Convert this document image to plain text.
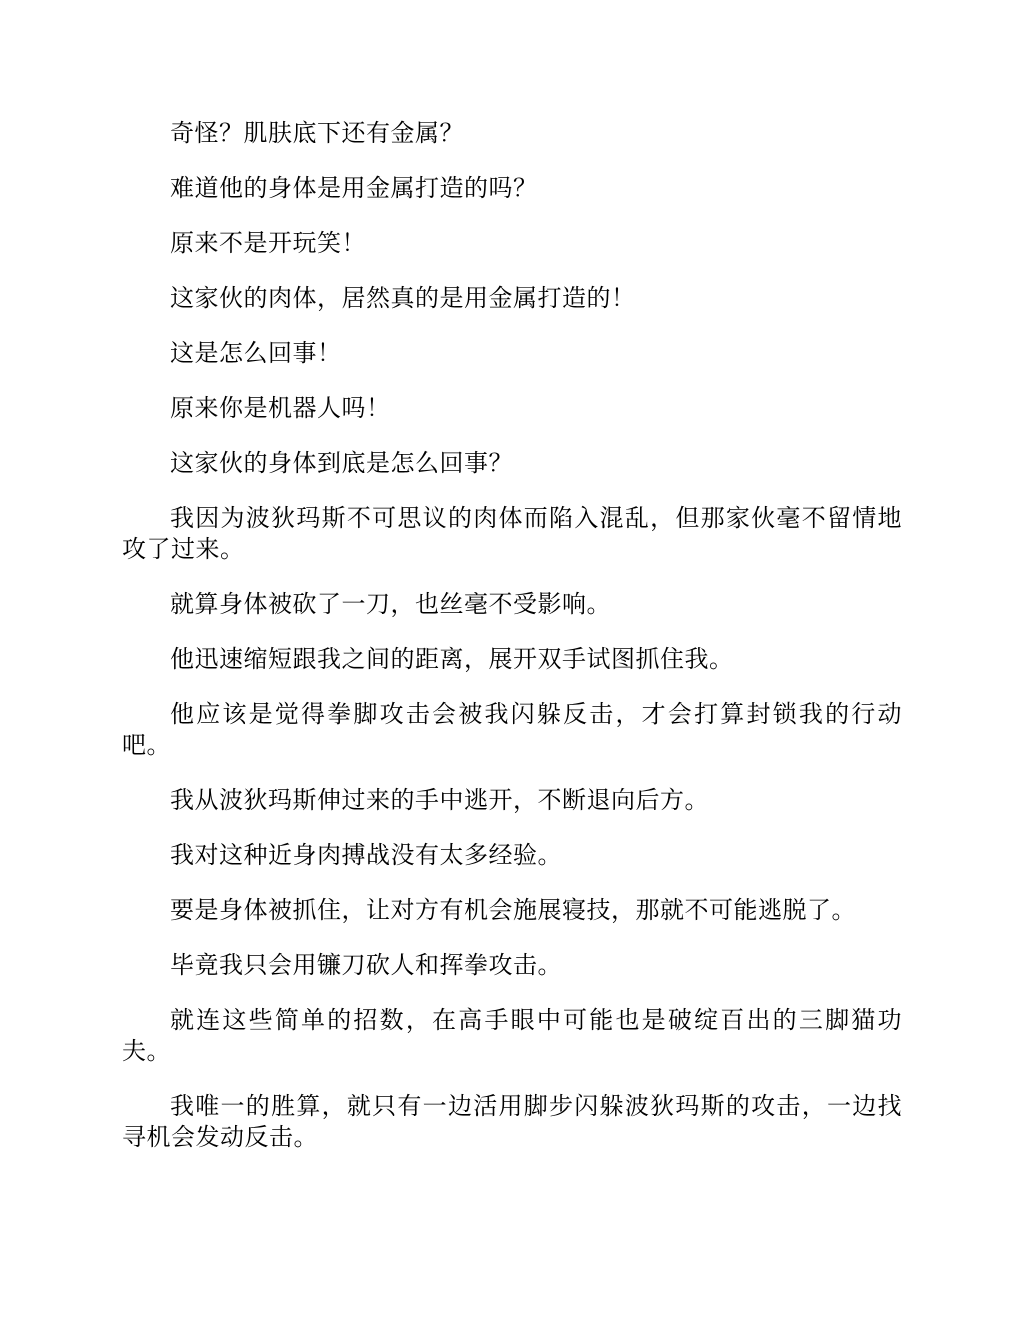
奇怪？肌肤底下还有金属？

难道他的身体是用金属打造的吗？

原来不是开玩笑！

这家伙的肉体，居然真的是用金属打造的！

这是怎么回事！

原来你是机器人吗！

这家伙的身体到底是怎么回事？

我因为波狄玛斯不可思议的肉体而陷入混乱，但那家伙毫不留情地攻了过来。

就算身体被砍了一刀，也丝毫不受影响。

他迅速缩短跟我之间的距离，展开双手试图抓住我。

他应该是觉得拳脚攻击会被我闪躲反击，才会打算封锁我的行动吧。

我从波狄玛斯伸过来的手中逃开，不断退向后方。

我对这种近身肉搏战没有太多经验。

要是身体被抓住，让对方有机会施展寝技，那就不可能逃脱了。

毕竟我只会用镰刀砍人和挥拳攻击。

就连这些简单的招数，在高手眼中可能也是破绽百出的三脚猫功夫。

我唯一的胜算，就只有一边活用脚步闪躲波狄玛斯的攻击，一边找寻机会发动反击。
